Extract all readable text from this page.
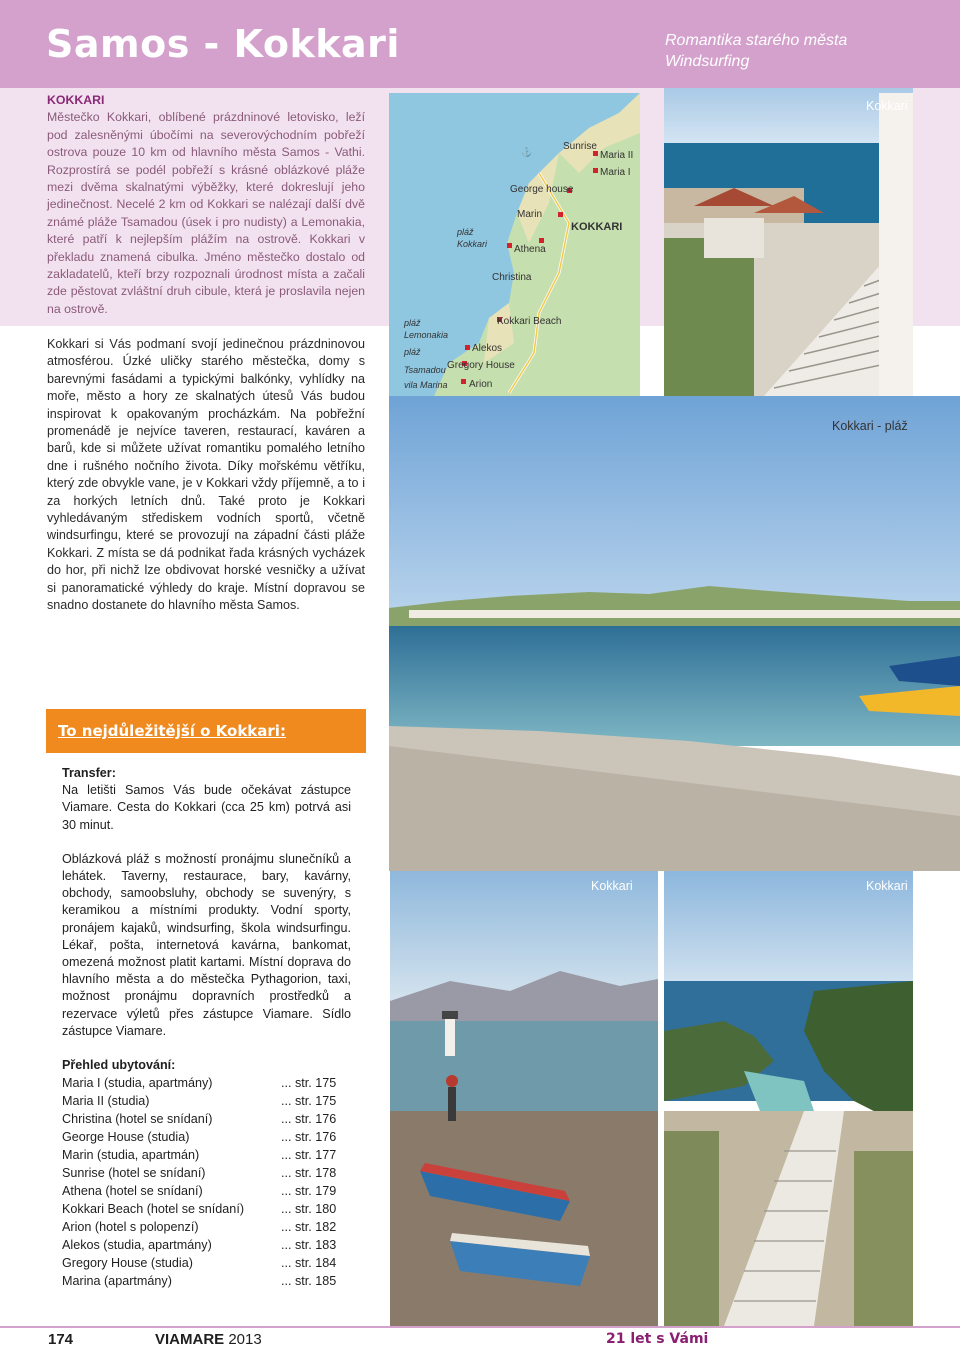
Samos - Kokkari	Romantika starého města
Windsurfing
KOKKARI
Městečko Kokkari, oblíbené prázdninové letovisko, leží pod zalesněnými úbočími na severovýchodním pobřeží ostrova pouze 10 km od hlavního města Samos - Vathi. Rozprostírá se podél pobřeží s krásné oblázkové pláže mezi dvěma skalnatými výběžky, které dokreslují jeho jedinečnost. Necelé 2 km od Kokkari se nalézají další dvě známé pláže Tsamadou (úsek i pro nudisty) a Lemonakia, které patří k nejlepším plážím na ostrově. Kokkari v překladu znamená cibulka. Jméno městečko dostalo od zakladatelů, kteří brzy rozpoznali úrodnost místa a začali zde pěstovat zvláštní druh cibule, která je proslavila nejen na ostrově.
Kokkari si Vás podmaní svojí jedinečnou prázdninovou atmosférou. Úzké uličky starého městečka, domy s barevnými fasádami a typickými balkónky, vyhlídky na moře, město a hory ze skalnatých útesů Vás budou inspirovat k opakovaným procházkám. Na pobřežní promenádě je nejvíce taveren, restaurací, kaváren a barů, kde si můžete užívat romantiku pomalého letního dne i rušného nočního života. Díky mořskému větříku, který zde obvykle vane, je v Kokkari vždy příjemně, a to i za horkých letních dnů. Také proto je Kokkari vyhledávaným střediskem vodních sportů, včetně windsurfingu, které se provozují na západní části pláže Kokkari. Z místa se dá podnikat řada krásných vycházek do hor, při nichž lze obdivovat horské vesničky a užívat si panoramatické výhledy do kraje. Místní dopravou se snadno dostanete do hlavního města Samos.
⚓	Sunrise
Maria II
Maria I
George house
Marin
KOKKARI
pláž
Kokkari	Athena
Christina
Kokkari Beach
pláž
Lemonakia
Alekos
pláž
Gregory House
Tsamadou
vila Marina Arion
Kokkari
Kokkari - pláž
Kokkari	Kokkari
To nejdůležitější o Kokkari:
Transfer:
Na letišti Samos Vás bude očekávat zástupce Viamare. Cesta do Kokkari (cca 25 km) potrvá asi 30 minut.
Oblázková pláž s možností pronájmu slunečníků a lehátek. Taverny, restaurace, bary, kavárny, obchody, samoobsluhy, obchody se suvenýry, s keramikou a místními produkty. Vodní sporty, pronájem kajaků, windsurfing, škola windsurfingu. Lékař, pošta, internetová kavárna, bankomat, omezená možnost platit kartami. Místní doprava do hlavního města a do městečka Pythagorion, taxi, možnost pronájmu dopravních prostředků a rezervace výletů přes zástupce Viamare. Sídlo zástupce Viamare.
Přehled ubytování:
Maria I (studia, apartmány)	... str. 175
Maria II (studia)	... str. 175
Christina (hotel se snídaní)	... str. 176
George House (studia)	... str. 176
Marin (studia, apartmán)	... str. 177
Sunrise (hotel se snídaní)	... str. 178
Athena (hotel se snídaní)	... str. 179
Kokkari Beach (hotel se snídaní)	... str. 180
Arion (hotel s polopenzí)	... str. 182
Alekos (studia, apartmány)	... str. 183
Gregory House (studia)	... str. 184
Marina (apartmány)	... str. 185
174	VIAMARE 2013	21 let s Vámi
